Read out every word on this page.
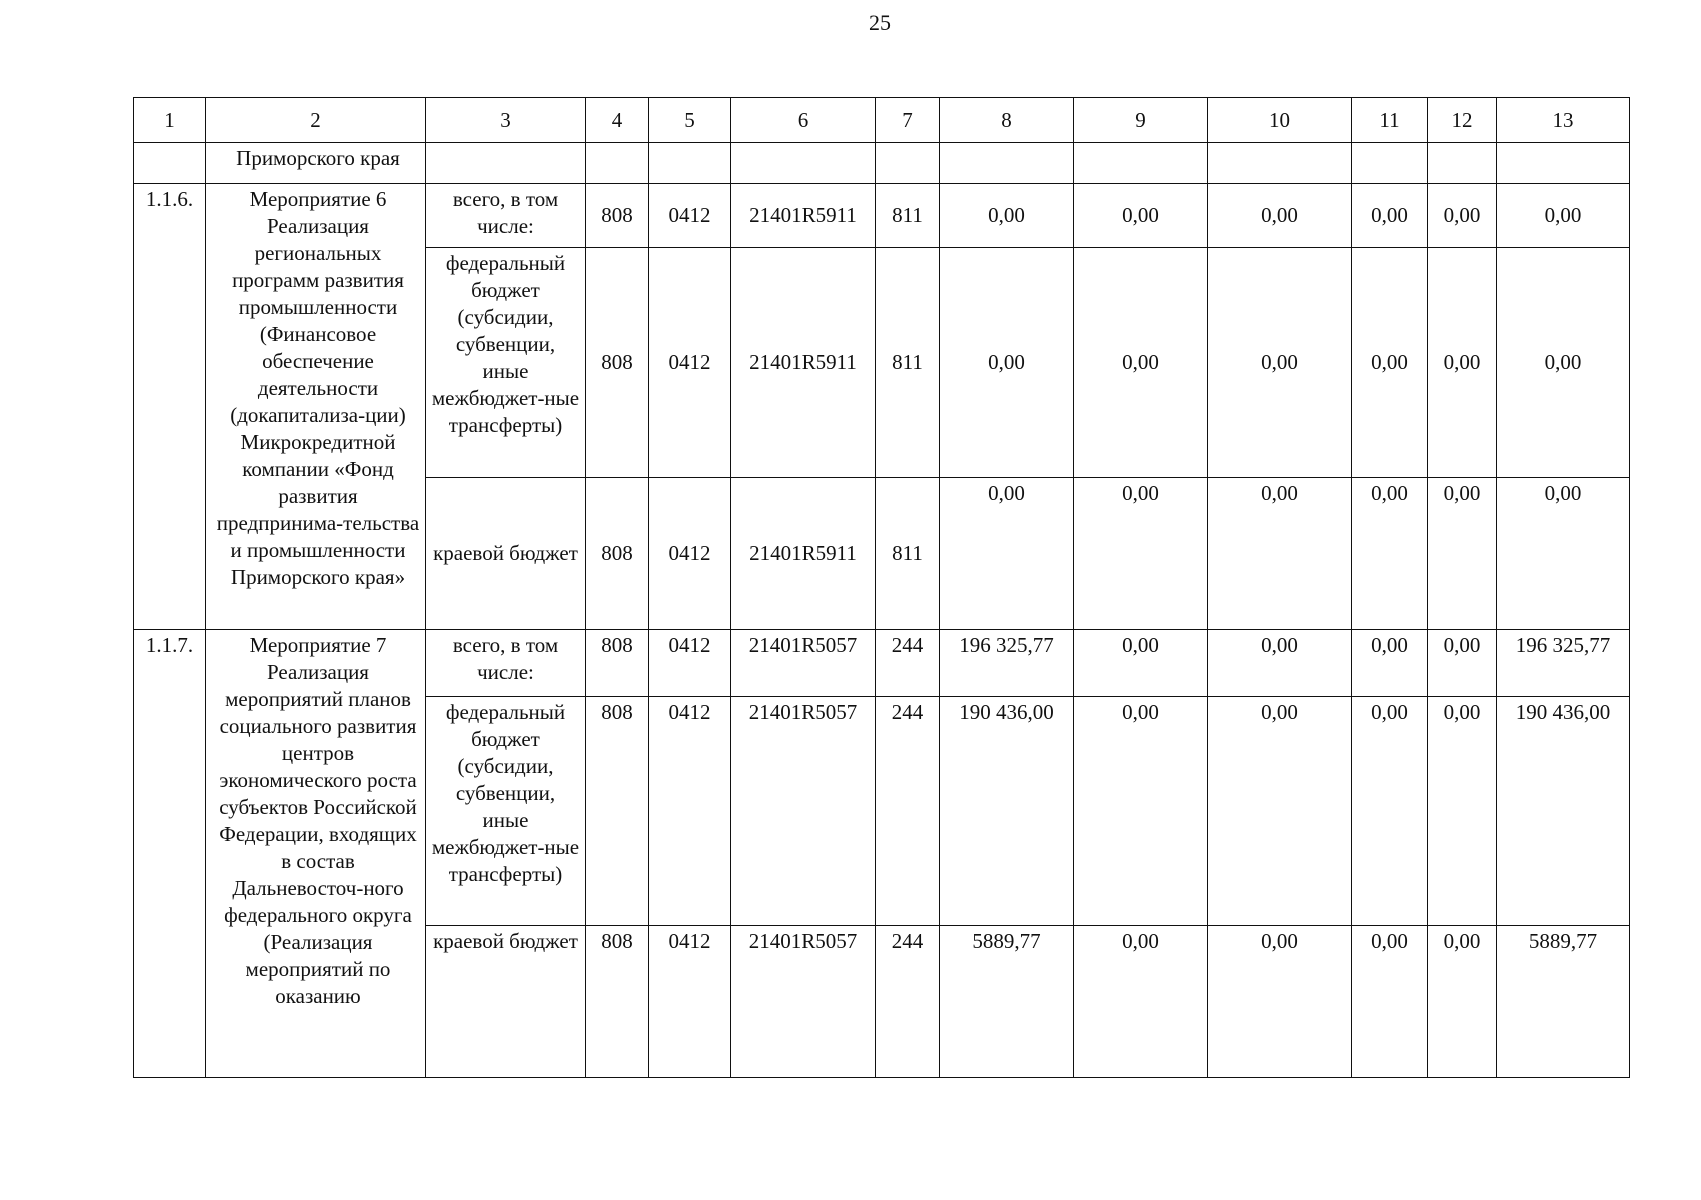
25
1	2	3	4	5	6	7	8	9	10	11	12	13
	Приморского края											
1.1.6.	Мероприятие 6 Реализация региональных программ развития промышленности (Финансовое обеспечение деятельности (докапитализа-ции) Микрокредитной компании «Фонд развития предпринима-тельства и промышленности Приморского края»	всего, в том числе:	808	0412	21401R5911	811	0,00	0,00	0,00	0,00	0,00	0,00
		федеральный бюджет (субсидии, субвенции, иные межбюджет-ные трансферты)	808	0412	21401R5911	811	0,00	0,00	0,00	0,00	0,00	0,00
		краевой бюджет	808	0412	21401R5911	811	0,00	0,00	0,00	0,00	0,00	0,00
1.1.7.	Мероприятие 7 Реализация мероприятий планов социального развития центров экономического роста субъектов Российской Федерации, входящих в состав Дальневосточ-ного федерального округа (Реализация мероприятий по оказанию	всего, в том числе:	808	0412	21401R5057	244	196 325,77	0,00	0,00	0,00	0,00	196 325,77
		федеральный бюджет (субсидии, субвенции, иные межбюджет-ные трансферты)	808	0412	21401R5057	244	190 436,00	0,00	0,00	0,00	0,00	190 436,00
		краевой бюджет	808	0412	21401R5057	244	5889,77	0,00	0,00	0,00	0,00	5889,77
